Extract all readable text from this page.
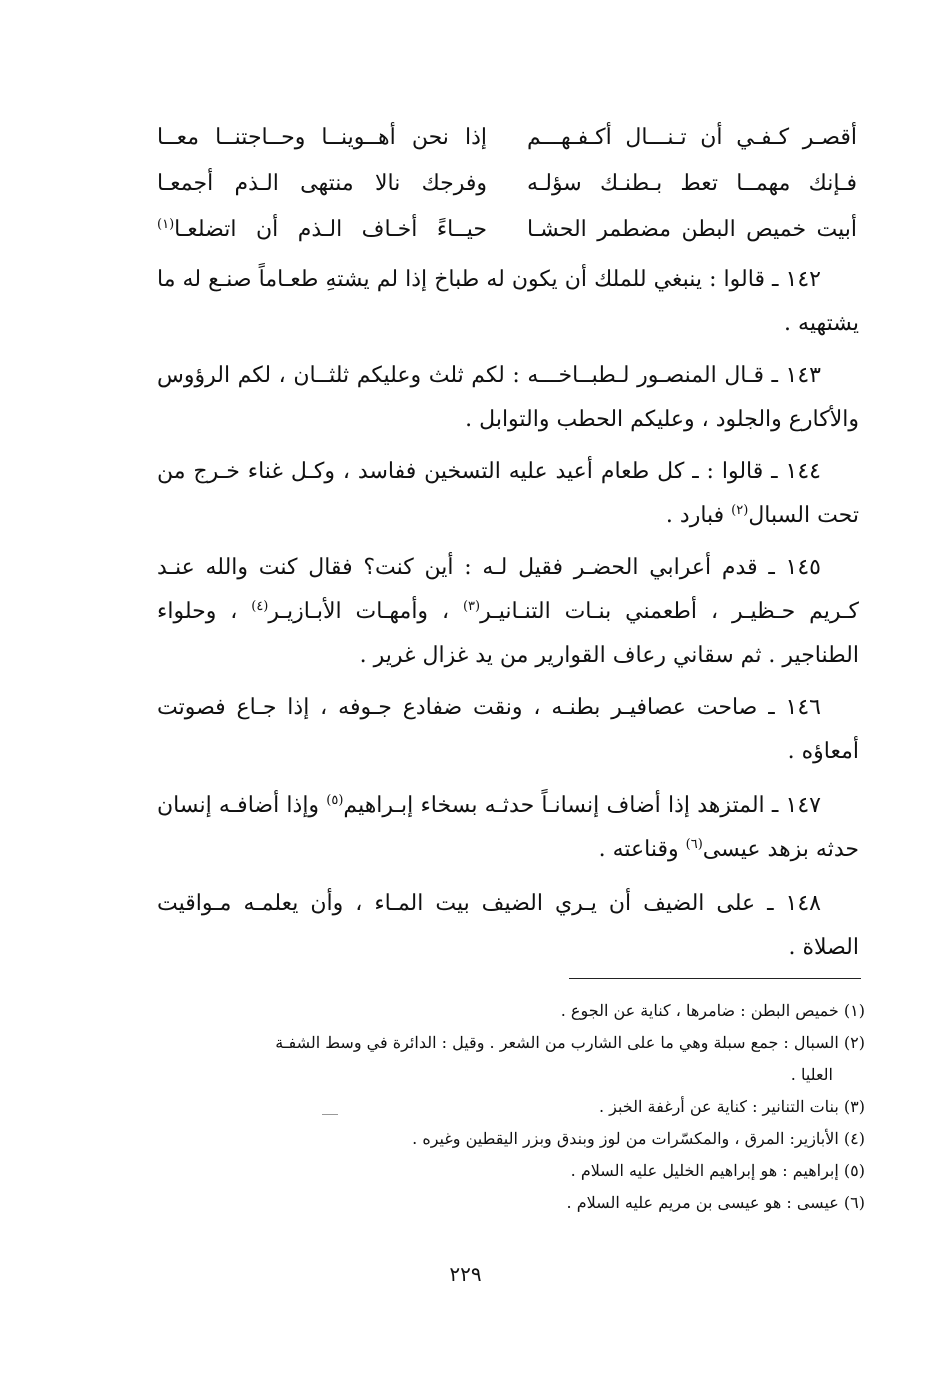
أقصـر كـفـي أن تـنـــال أكـفـهـــم
إذا نحن أهــوينــا وحــاجتنــا معــا
فـإنك مهمــا تعط بـطنـك سؤلـه
وفرجك نالا منتهى الـذم أجمعـا
أبيت خميص البطن مضطمر الحشـا
حيــاءً أخـاف الـذم أن اتضلعـا$^{(١)}$
١٤٢ ـ قالوا : ينبغي للملك أن يكون له طباخ إذا لم يشتهِ طعـاماً صنـع له ما يشتهيه .
١٤٣ ـ قـال المنصـور لـطبــاخـــه : لكم ثلث وعليكم ثلثــان ، لكم الرؤوس والأكارع والجلود ، وعليكم الحطب والتوابل .
١٤٤ ـ قالوا : ـ كل طعام أعيد عليه التسخين ففاسد ، وكـل غناء خـرج من تحت السبال$^{(٢)}$ فبارد .
١٤٥ ـ قدم أعرابي الحضـر فقيل لـه : أين كنت؟ فقال كنت والله عنـد كـريم حـظيـر ، أطعمني بنـات التنـانيـر$^{(٣)}$ ، وأمهـات الأبـازيـر$^{(٤)}$ ، وحلواء الطناجير . ثم سقاني رعاف القوارير من يد غزال غرير .
١٤٦ ـ صاحت عصافيـر بطنـه ، ونقت ضفادع جـوفه ، إذا جـاع فصوتت أمعاؤه .
١٤٧ ـ المتزهد إذا أضاف إنسانـاً حدثـه بسخاء إبـراهيم$^{(٥)}$ وإذا أضافـه إنسان حدثه بزهد عيسى$^{(٦)}$ وقناعته .
١٤٨ ـ على الضيف أن يـري الضيف بيت المـاء ، وأن يعلمـه مـواقيت الصلاة .
(١) خميص البطن : ضامرها ، كناية عن الجوع .
(٢) السبال : جمع سبلة وهي ما على الشارب من الشعر . وقيل : الدائرة في وسط الشفـة
العليا .
(٣) بنات التنانير : كناية عن أرغفة الخبز .
(٤) الأبازير: المرق ، والمكسّرات من لوز وبندق وبزر اليقطين وغيره .
(٥) إبراهيم : هو إبراهيم الخليل عليه السلام .
(٦) عيسى : هو عيسى بن مريم عليه السلام .
٢٢٩
